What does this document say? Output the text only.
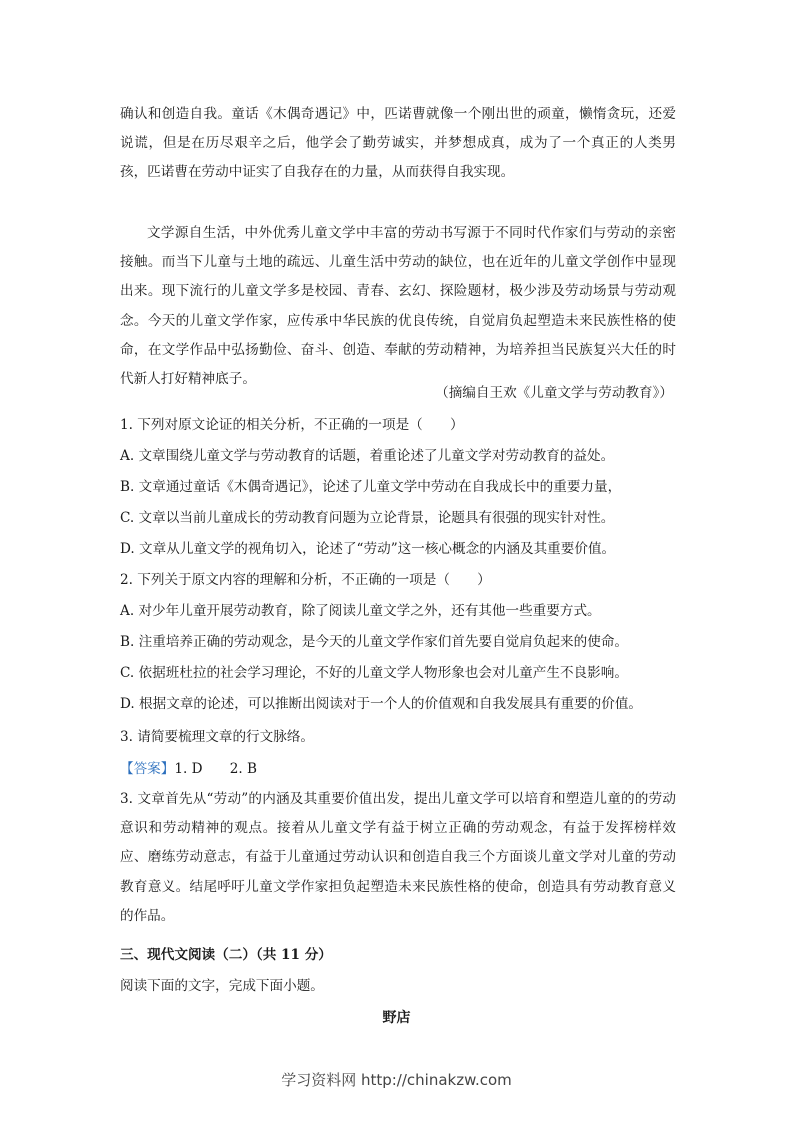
确认和创造自我。童话《木偶奇遇记》中，匹诺曹就像一个刚出世的顽童，懒惰贪玩，还爱说谎，但是在历尽艰辛之后，他学会了勤劳诚实，并梦想成真，成为了一个真正的人类男孩，匹诺曹在劳动中证实了自我存在的力量，从而获得自我实现。
文学源自生活，中外优秀儿童文学中丰富的劳动书写源于不同时代作家们与劳动的亲密接触。而当下儿童与土地的疏远、儿童生活中劳动的缺位，也在近年的儿童文学创作中显现出来。现下流行的儿童文学多是校园、青春、玄幻、探险题材，极少涉及劳动场景与劳动观念。今天的儿童文学作家，应传承中华民族的优良传统，自觉肩负起塑造未来民族性格的使命，在文学作品中弘扬勤俭、奋斗、创造、奉献的劳动精神，为培养担当民族复兴大任的时代新人打好精神底子。
（摘编自王欢《儿童文学与劳动教育》）
1. 下列对原文论证的相关分析，不正确的一项是（　　）
A. 文章围绕儿童文学与劳动教育的话题，着重论述了儿童文学对劳动教育的益处。
B. 文章通过童话《木偶奇遇记》，论述了儿童文学中劳动在自我成长中的重要力量，
C. 文章以当前儿童成长的劳动教育问题为立论背景，论题具有很强的现实针对性。
D. 文章从儿童文学的视角切入，论述了“劳动”这一核心概念的内涵及其重要价值。
2. 下列关于原文内容的理解和分析，不正确的一项是（　　）
A. 对少年儿童开展劳动教育，除了阅读儿童文学之外，还有其他一些重要方式。
B. 注重培养正确的劳动观念，是今天的儿童文学作家们首先要自觉肩负起来的使命。
C. 依据班杜拉的社会学习理论，不好的儿童文学人物形象也会对儿童产生不良影响。
D. 根据文章的论述，可以推断出阅读对于一个人的价值观和自我发展具有重要的价值。
3. 请简要梳理文章的行文脉络。
【答案】1. D　　2. B
3. 文章首先从“劳动”的内涵及其重要价值出发，提出儿童文学可以培育和塑造儿童的的劳动意识和劳动精神的观点。接着从儿童文学有益于树立正确的劳动观念，有益于发挥榜样效应、磨练劳动意志，有益于儿童通过劳动认识和创造自我三个方面谈儿童文学对儿童的劳动教育意义。结尾呼吁儿童文学作家担负起塑造未来民族性格的使命，创造具有劳动教育意义的作品。
三、现代文阅读（二）（共 11 分）
阅读下面的文字，完成下面小题。
野店
学习资料网 http://chinakzw.com
